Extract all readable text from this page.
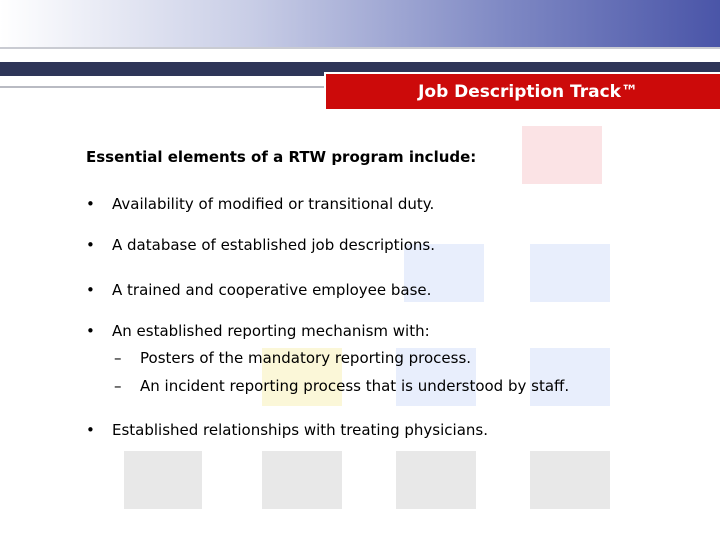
Job Description Track™
Essential elements of a RTW program include:
• Availability of modified or transitional duty.
• A database of established job descriptions.
• A trained and cooperative employee base.
• An established reporting mechanism with:
– Posters of the mandatory reporting process.
– An incident reporting process that is understood by staff.
• Established relationships with treating physicians.
